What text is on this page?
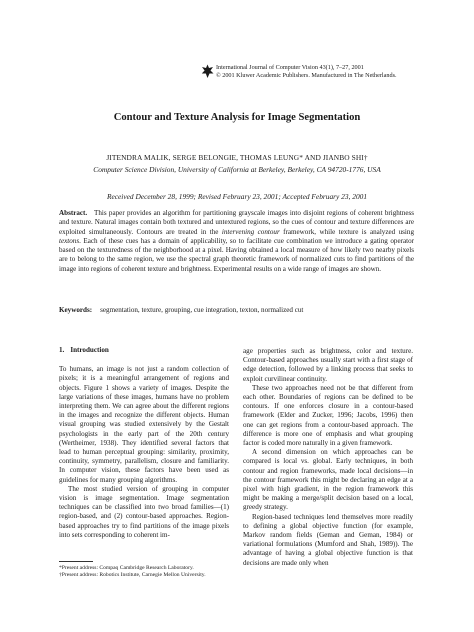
International Journal of Computer Vision 43(1), 7–27, 2001
© 2001 Kluwer Academic Publishers. Manufactured in The Netherlands.
Contour and Texture Analysis for Image Segmentation
JITENDRA MALIK, SERGE BELONGIE, THOMAS LEUNG* AND JIANBO SHI†
Computer Science Division, University of California at Berkeley, Berkeley, CA 94720-1776, USA
Received December 28, 1999; Revised February 23, 2001; Accepted February 23, 2001
Abstract. This paper provides an algorithm for partitioning grayscale images into disjoint regions of coherent brightness and texture. Natural images contain both textured and untextured regions, so the cues of contour and texture differences are exploited simultaneously. Contours are treated in the intervening contour framework, while texture is analyzed using textons. Each of these cues has a domain of applicability, so to facilitate cue combination we introduce a gating operator based on the texturedness of the neighborhood at a pixel. Having obtained a local measure of how likely two nearby pixels are to belong to the same region, we use the spectral graph theoretic framework of normalized cuts to find partitions of the image into regions of coherent texture and brightness. Experimental results on a wide range of images are shown.
Keywords: segmentation, texture, grouping, cue integration, texton, normalized cut
1. Introduction

To humans, an image is not just a random collection of pixels; it is a meaningful arrangement of regions and objects. Figure 1 shows a variety of images. Despite the large variations of these images, humans have no problem interpreting them. We can agree about the different regions in the images and recognize the different objects. Human visual grouping was studied extensively by the Gestalt psychologists in the early part of the 20th century (Wertheimer, 1938). They identified several factors that lead to human perceptual grouping: similarity, proximity, continuity, symmetry, parallelism, closure and familiarity. In computer vision, these factors have been used as guidelines for many grouping algorithms.

The most studied version of grouping in computer vision is image segmentation. Image segmentation techniques can be classified into two broad families—(1) region-based, and (2) contour-based approaches. Region-based approaches try to find partitions of the image pixels into sets corresponding to coherent im-

age properties such as brightness, color and texture. Contour-based approaches usually start with a first stage of edge detection, followed by a linking process that seeks to exploit curvilinear continuity.

These two approaches need not be that different from each other. Boundaries of regions can be defined to be contours. If one enforces closure in a contour-based framework (Elder and Zucker, 1996; Jacobs, 1996) then one can get regions from a contour-based approach. The difference is more one of emphasis and what grouping factor is coded more naturally in a given framework.

A second dimension on which approaches can be compared is local vs. global. Early techniques, in both contour and region frameworks, made local decisions—in the contour framework this might be declaring an edge at a pixel with high gradient, in the region framework this might be making a merge/split decision based on a local, greedy strategy.

Region-based techniques lend themselves more readily to defining a global objective function (for example, Markov random fields (Geman and Geman, 1984) or variational formulations (Mumford and Shah, 1989)). The advantage of having a global objective function is that decisions are made only when

*Present address: Compaq Cambridge Research Laboratory.
†Present address: Robotics Institute, Carnegie Mellon University.
